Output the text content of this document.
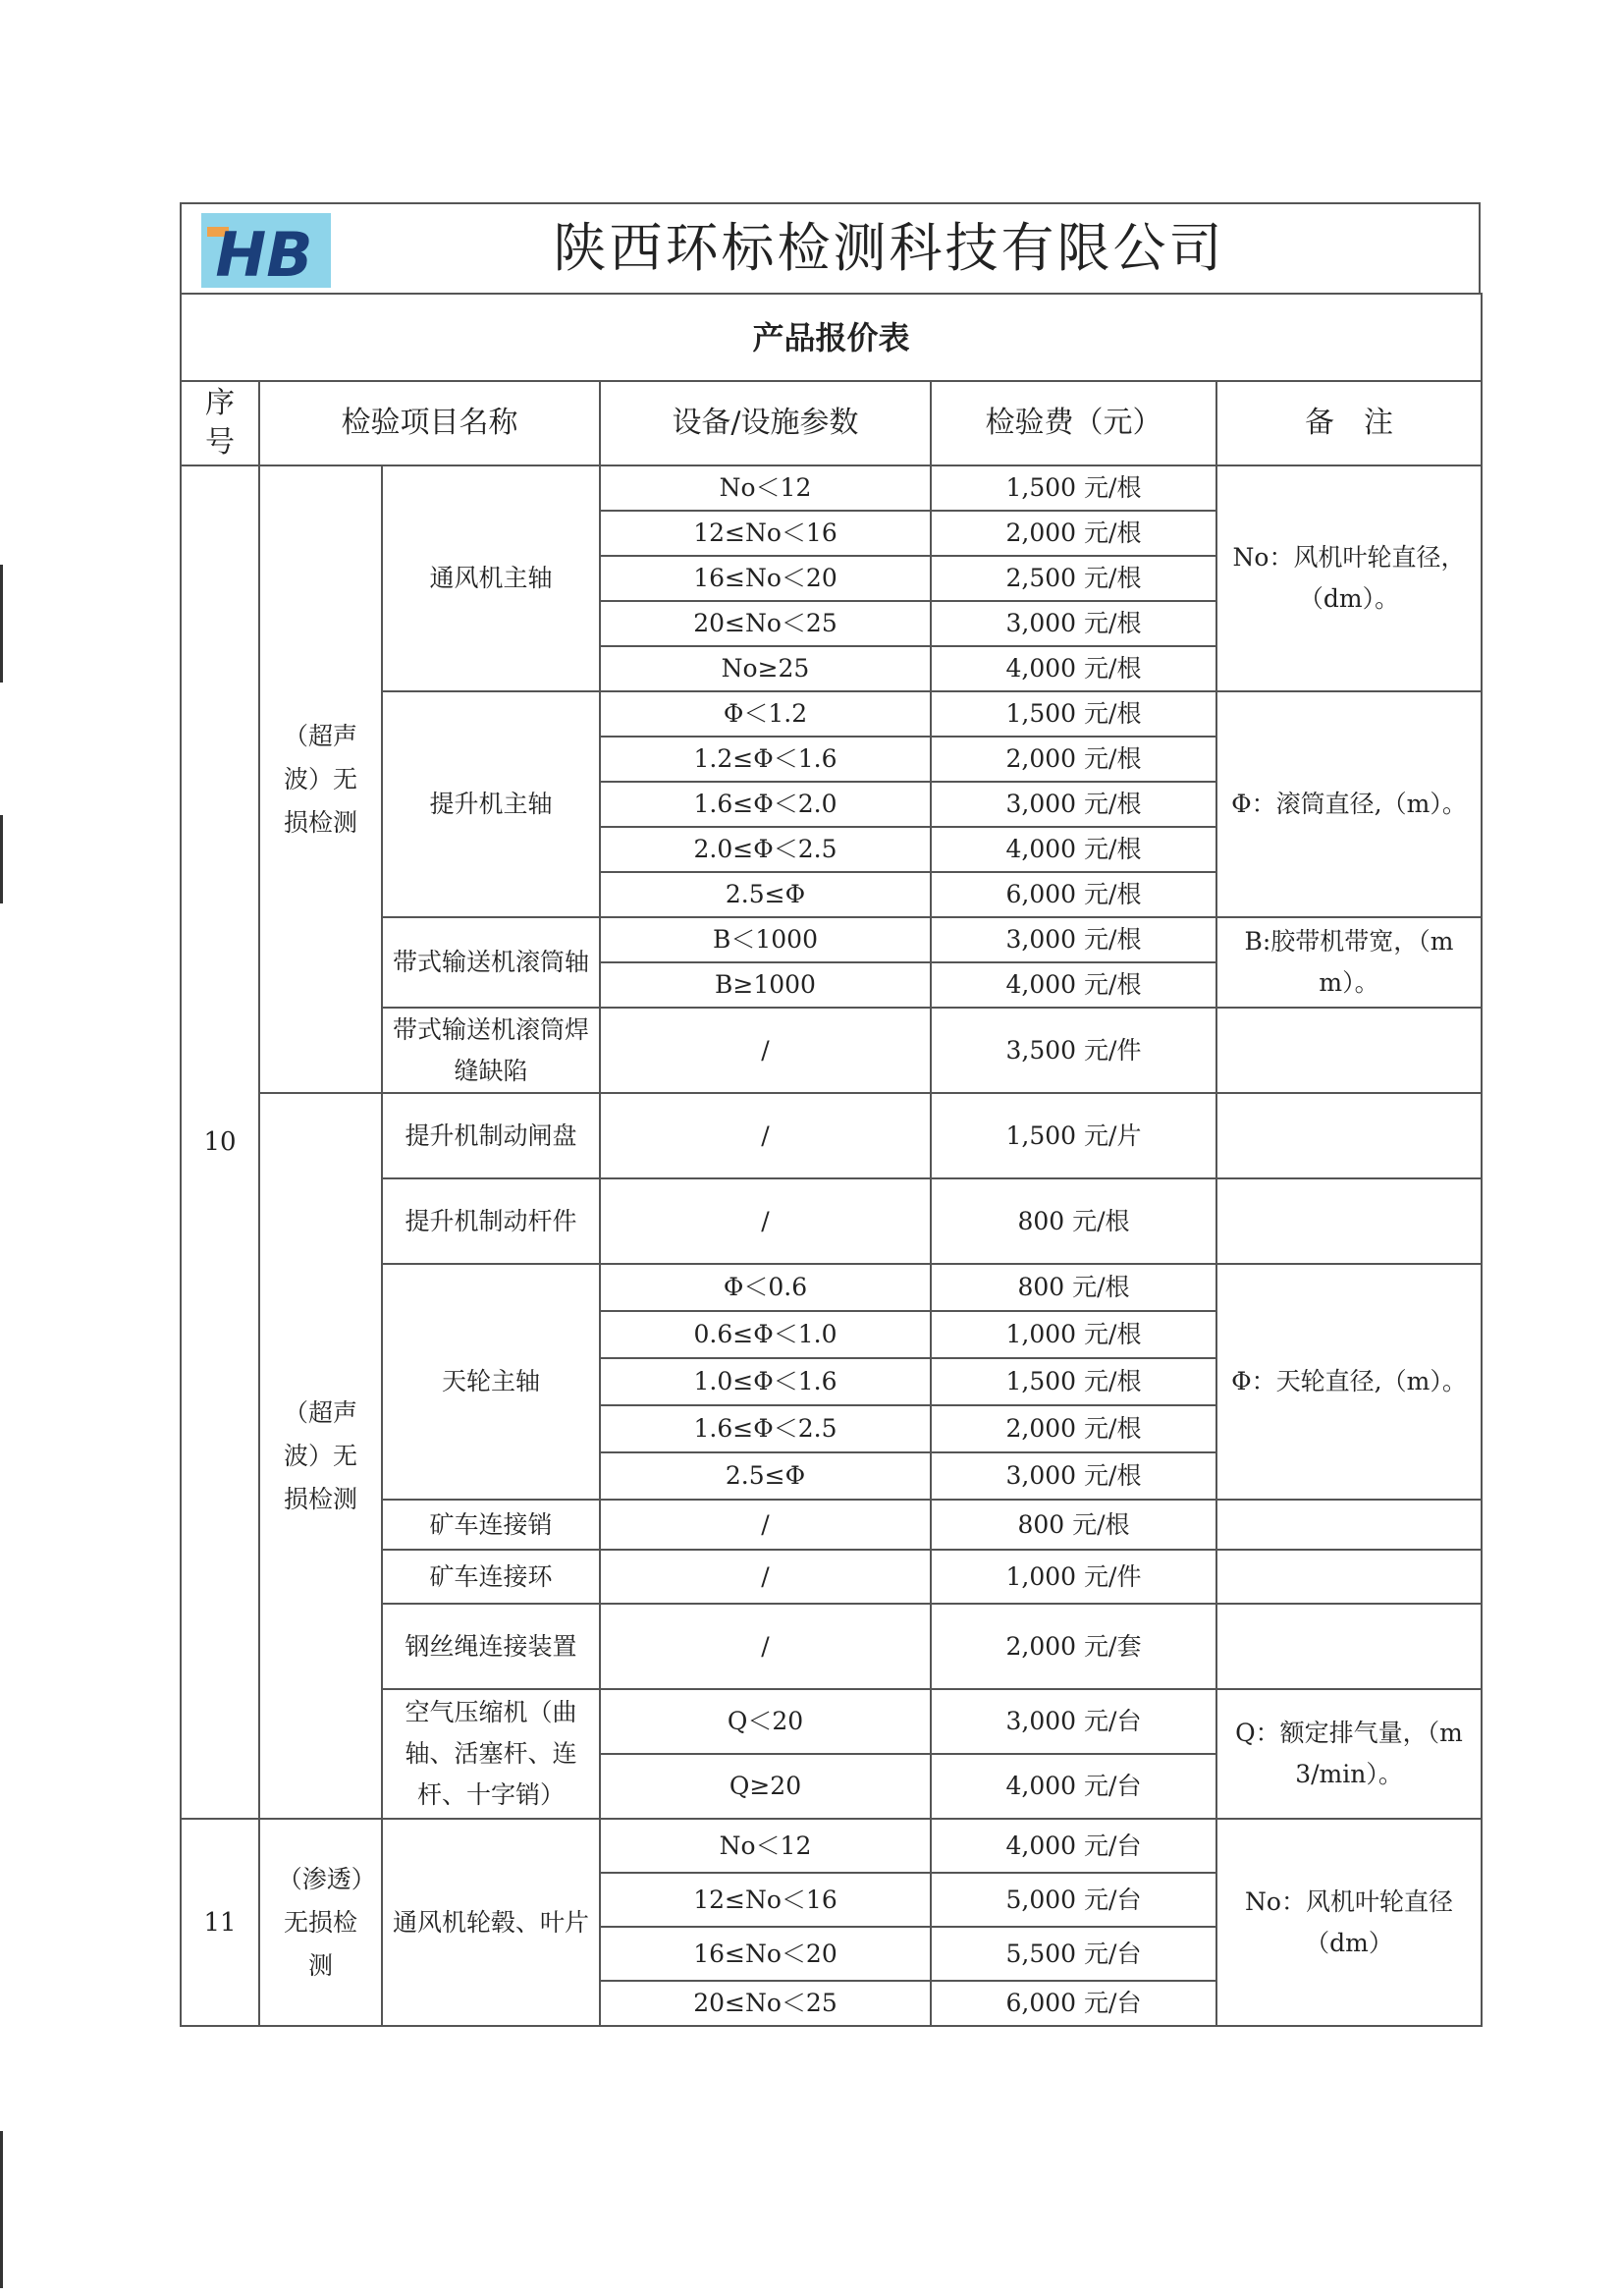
HB	陕西环标检测科技有限公司
产品报价表					
序号	检验项目名称		设备/设施参数	检验费（元）	备　注
10	（超声波）无损检测	通风机主轴	No＜12	1,500 元/根	No：风机叶轮直径，（dm）。
			12≤No＜16	2,000 元/根	
			16≤No＜20	2,500 元/根	
			20≤No＜25	3,000 元/根	
			No≥25	4,000 元/根	
		提升机主轴	Φ＜1.2	1,500 元/根	Φ：滚筒直径,（m）。
			1.2≤Φ＜1.6	2,000 元/根	
			1.6≤Φ＜2.0	3,000 元/根	
			2.0≤Φ＜2.5	4,000 元/根	
			2.5≤Φ	6,000 元/根	
		带式输送机滚筒轴	B＜1000	3,000 元/根	B:胶带机带宽，（mm）。
			B≥1000	4,000 元/根	
		带式输送机滚筒焊缝缺陷	/	3,500 元/件	
	（超声波）无损检测	提升机制动闸盘	/	1,500 元/片	
		提升机制动杆件	/	800 元/根	
		天轮主轴	Φ＜0.6	800 元/根	Φ：天轮直径,（m）。
			0.6≤Φ＜1.0	1,000 元/根	
			1.0≤Φ＜1.6	1,500 元/根	
			1.6≤Φ＜2.5	2,000 元/根	
			2.5≤Φ	3,000 元/根	
		矿车连接销	/	800 元/根	
		矿车连接环	/	1,000 元/件	
		钢丝绳连接装置	/	2,000 元/套	
		空气压缩机（曲轴、活塞杆、连杆、十字销）	Q＜20	3,000 元/台	Q：额定排气量，（m3/min）。
			Q≥20	4,000 元/台	
11	（渗透）无损检测	通风机轮毂、叶片	No＜12	4,000 元/台	No：风机叶轮直径（dm）
			12≤No＜16	5,000 元/台	
			16≤No＜20	5,500 元/台	
			20≤No＜25	6,000 元/台	
